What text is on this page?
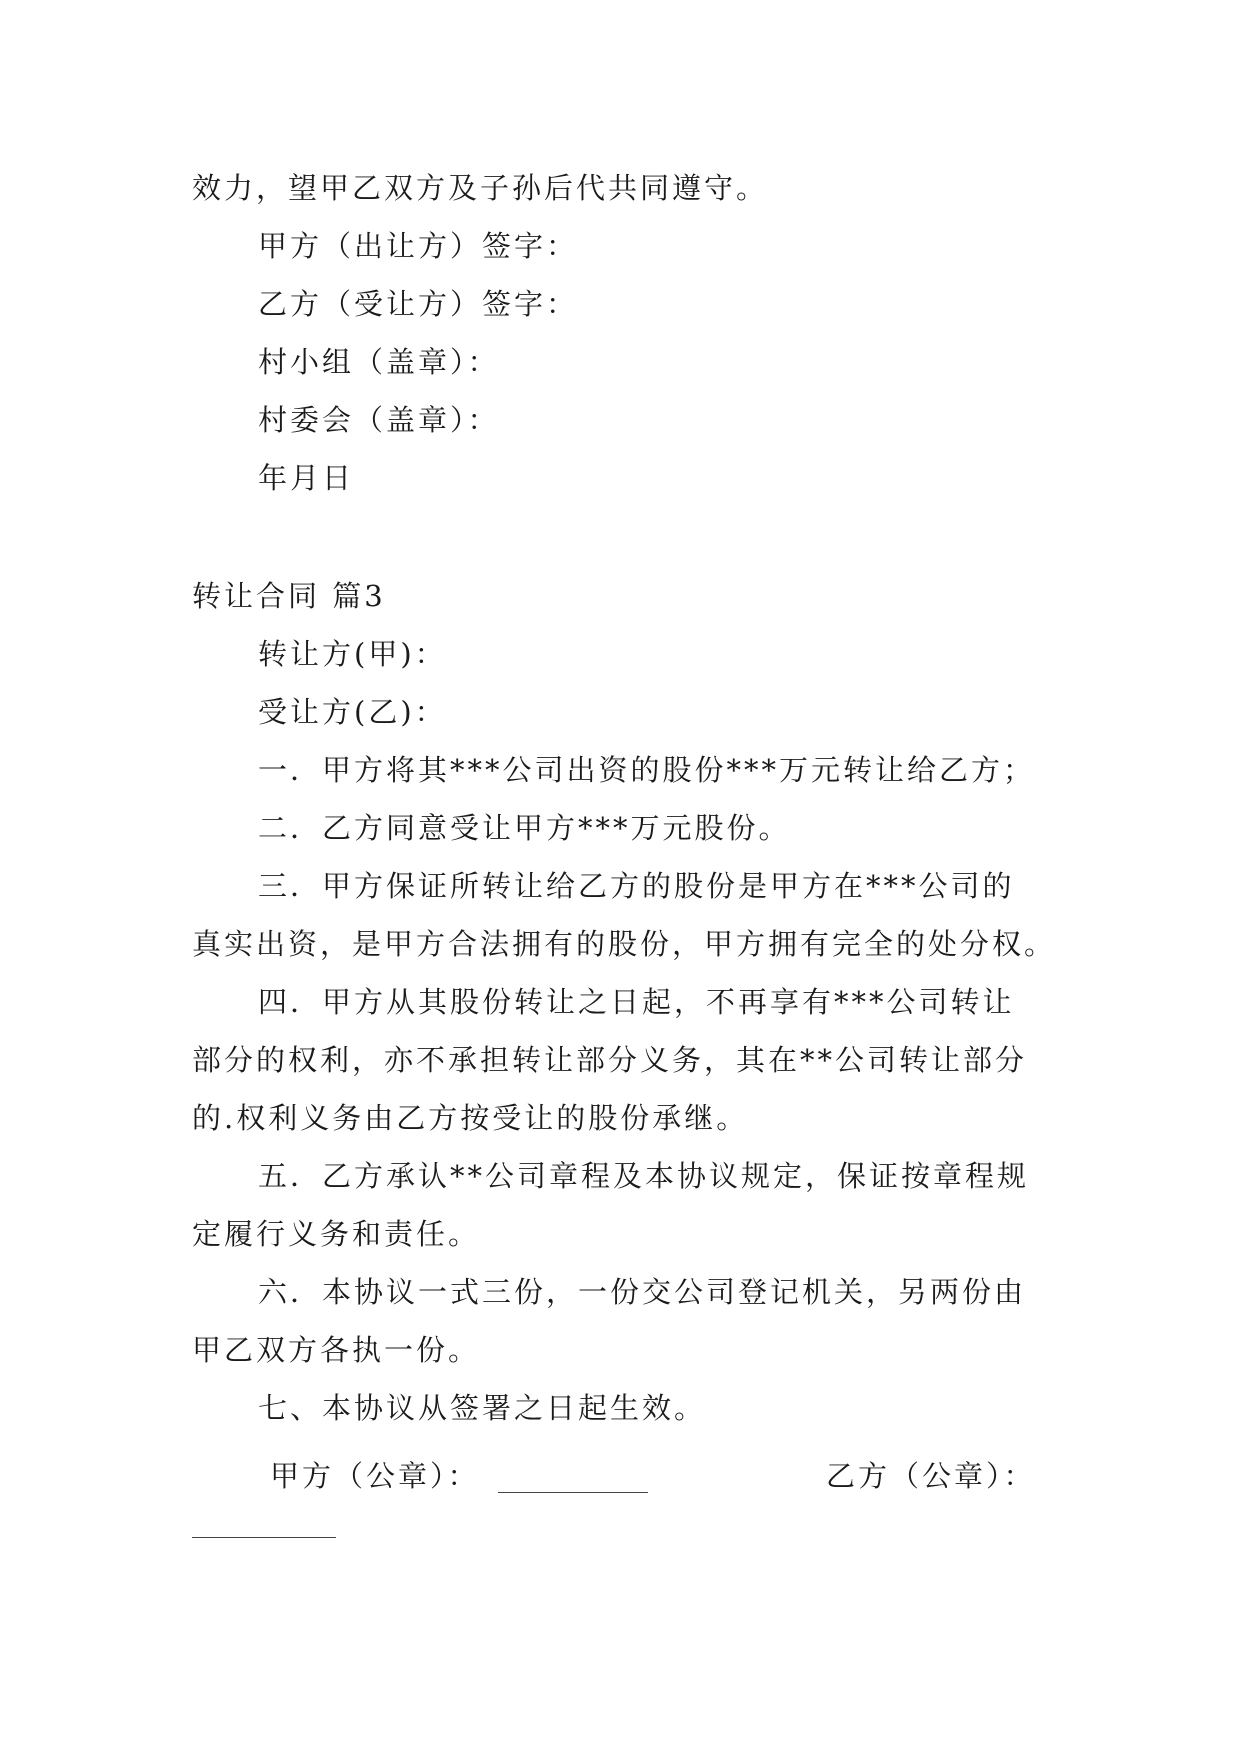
效力，望甲乙双方及子孙后代共同遵守。
甲方（出让方）签字：
乙方（受让方）签字：
村小组（盖章）：
村委会（盖章）：
年月日
转让合同 篇3
转让方(甲)：
受让方(乙)：
一．甲方将其***公司出资的股份***万元转让给乙方；
二．乙方同意受让甲方***万元股份。
三．甲方保证所转让给乙方的股份是甲方在***公司的
真实出资，是甲方合法拥有的股份，甲方拥有完全的处分权。
四．甲方从其股份转让之日起，不再享有***公司转让
部分的权利，亦不承担转让部分义务，其在**公司转让部分
的.权利义务由乙方按受让的股份承继。
五．乙方承认**公司章程及本协议规定，保证按章程规
定履行义务和责任。
六．本协议一式三份，一份交公司登记机关，另两份由
甲乙双方各执一份。
七、本协议从签署之日起生效。
甲方（公章）：	乙方（公章）：
